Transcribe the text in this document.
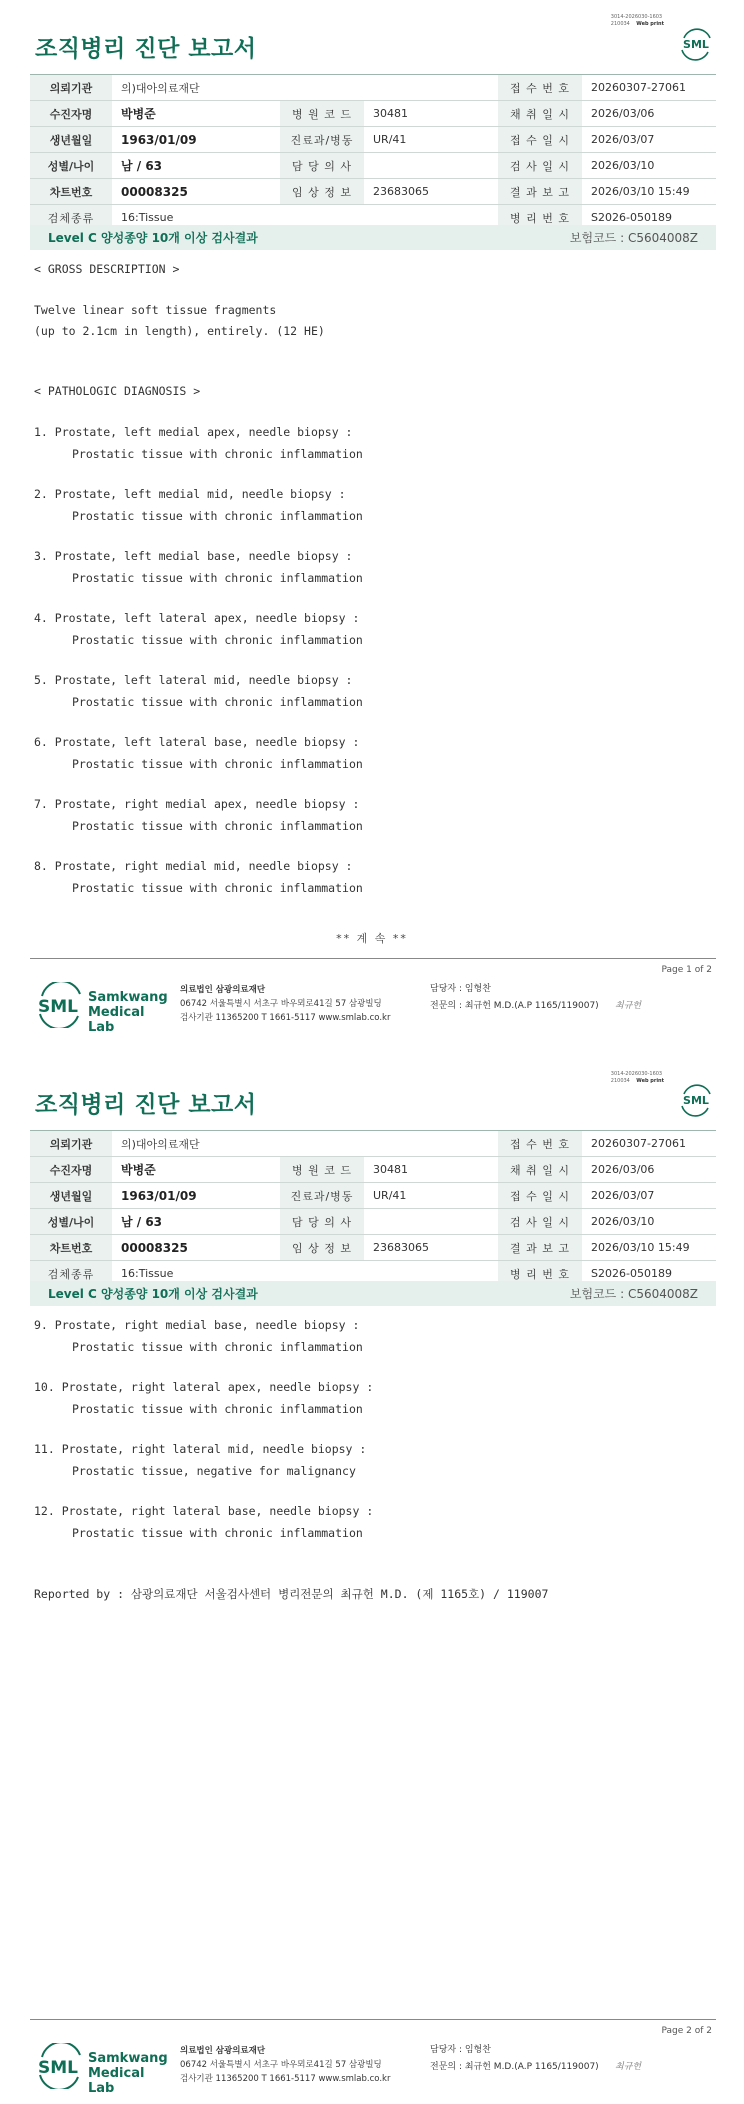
3014-2026030-1603
210034 Web print
조직병리 진단 보고서	SML
의뢰기관	의)대아의료재단			접 수 번 호	20260307-27061
수진자명	박병준	병 원 코 드	30481	채 취 일 시	2026/03/06
생년월일	1963/01/09	진료과/병동	UR/41	접 수 일 시	2026/03/07
성별/나이	남 / 63	담 당 의 사		검 사 일 시	2026/03/10
차트번호	00008325	임 상 정 보	23683065	결 과 보 고	2026/03/10 15:49
검체종류	16:Tissue			병 리 번 호	S2026-050189
Level C 양성종양 10개 이상 검사결과	보험코드 : C5604008Z
< GROSS DESCRIPTION >
Twelve linear soft tissue fragments
(up to 2.1cm in length), entirely. (12 HE)
< PATHOLOGIC DIAGNOSIS >
1. Prostate, left medial apex, needle biopsy :
Prostatic tissue with chronic inflammation
2. Prostate, left medial mid, needle biopsy :
Prostatic tissue with chronic inflammation
3. Prostate, left medial base, needle biopsy :
Prostatic tissue with chronic inflammation
4. Prostate, left lateral apex, needle biopsy :
Prostatic tissue with chronic inflammation
5. Prostate, left lateral mid, needle biopsy :
Prostatic tissue with chronic inflammation
6. Prostate, left lateral base, needle biopsy :
Prostatic tissue with chronic inflammation
7. Prostate, right medial apex, needle biopsy :
Prostatic tissue with chronic inflammation
8. Prostate, right medial mid, needle biopsy :
Prostatic tissue with chronic inflammation
** 계 속 **
Page 1 of 2
SML Samkwang
Medical Lab
의료법인 삼광의료재단
06742 서울특별시 서초구 바우뫼로41길 57 삼광빌딩
검사기관 11365200 T 1661-5117 www.smlab.co.kr
담당자 : 임형찬
전문의 : 최규헌 M.D.(A.P 1165/119007) 최규헌
3014-2026030-1603
210034 Web print
조직병리 진단 보고서	SML
의뢰기관	의)대아의료재단			접 수 번 호	20260307-27061
수진자명	박병준	병 원 코 드	30481	채 취 일 시	2026/03/06
생년월일	1963/01/09	진료과/병동	UR/41	접 수 일 시	2026/03/07
성별/나이	남 / 63	담 당 의 사		검 사 일 시	2026/03/10
차트번호	00008325	임 상 정 보	23683065	결 과 보 고	2026/03/10 15:49
검체종류	16:Tissue			병 리 번 호	S2026-050189
Level C 양성종양 10개 이상 검사결과	보험코드 : C5604008Z
9. Prostate, right medial base, needle biopsy :
Prostatic tissue with chronic inflammation
10. Prostate, right lateral apex, needle biopsy :
Prostatic tissue with chronic inflammation
11. Prostate, right lateral mid, needle biopsy :
Prostatic tissue, negative for malignancy
12. Prostate, right lateral base, needle biopsy :
Prostatic tissue with chronic inflammation
Reported by : 삼광의료재단 서울검사센터 병리전문의 최규헌 M.D. (제 1165호) / 119007
Page 2 of 2
SML Samkwang
Medical Lab
의료법인 삼광의료재단
06742 서울특별시 서초구 바우뫼로41길 57 삼광빌딩
검사기관 11365200 T 1661-5117 www.smlab.co.kr
담당자 : 임형찬
전문의 : 최규헌 M.D.(A.P 1165/119007) 최규헌
